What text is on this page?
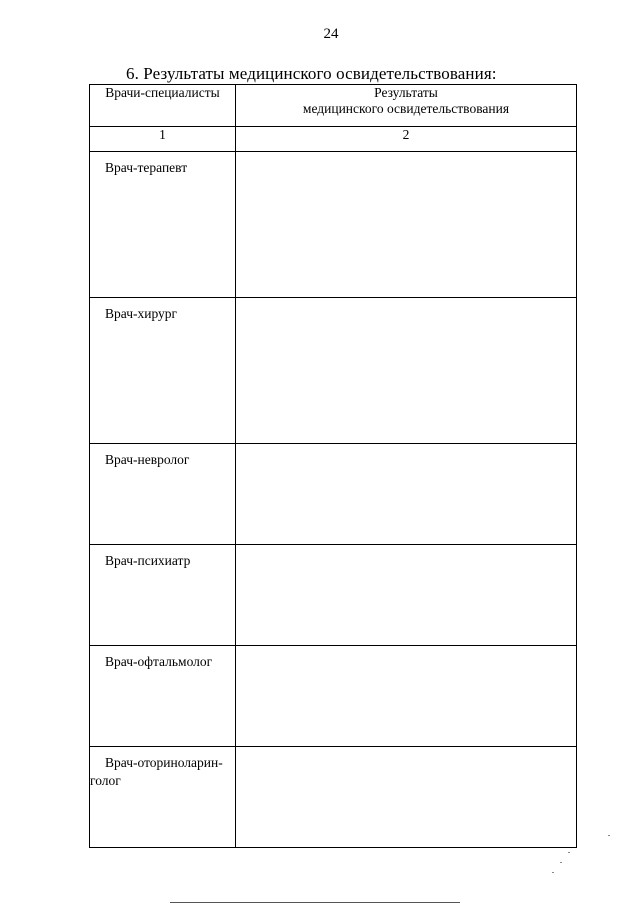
24
6. Результаты медицинского освидетельствования:
Врачи-специалисты	Результаты
медицинского освидетельствования
1	2

Врач-терапевт	

Врач-хирург	

Врач-невролог	

Врач-психиатр	

Врач-офтальмолог	

Врач-оториноларин-голог	
